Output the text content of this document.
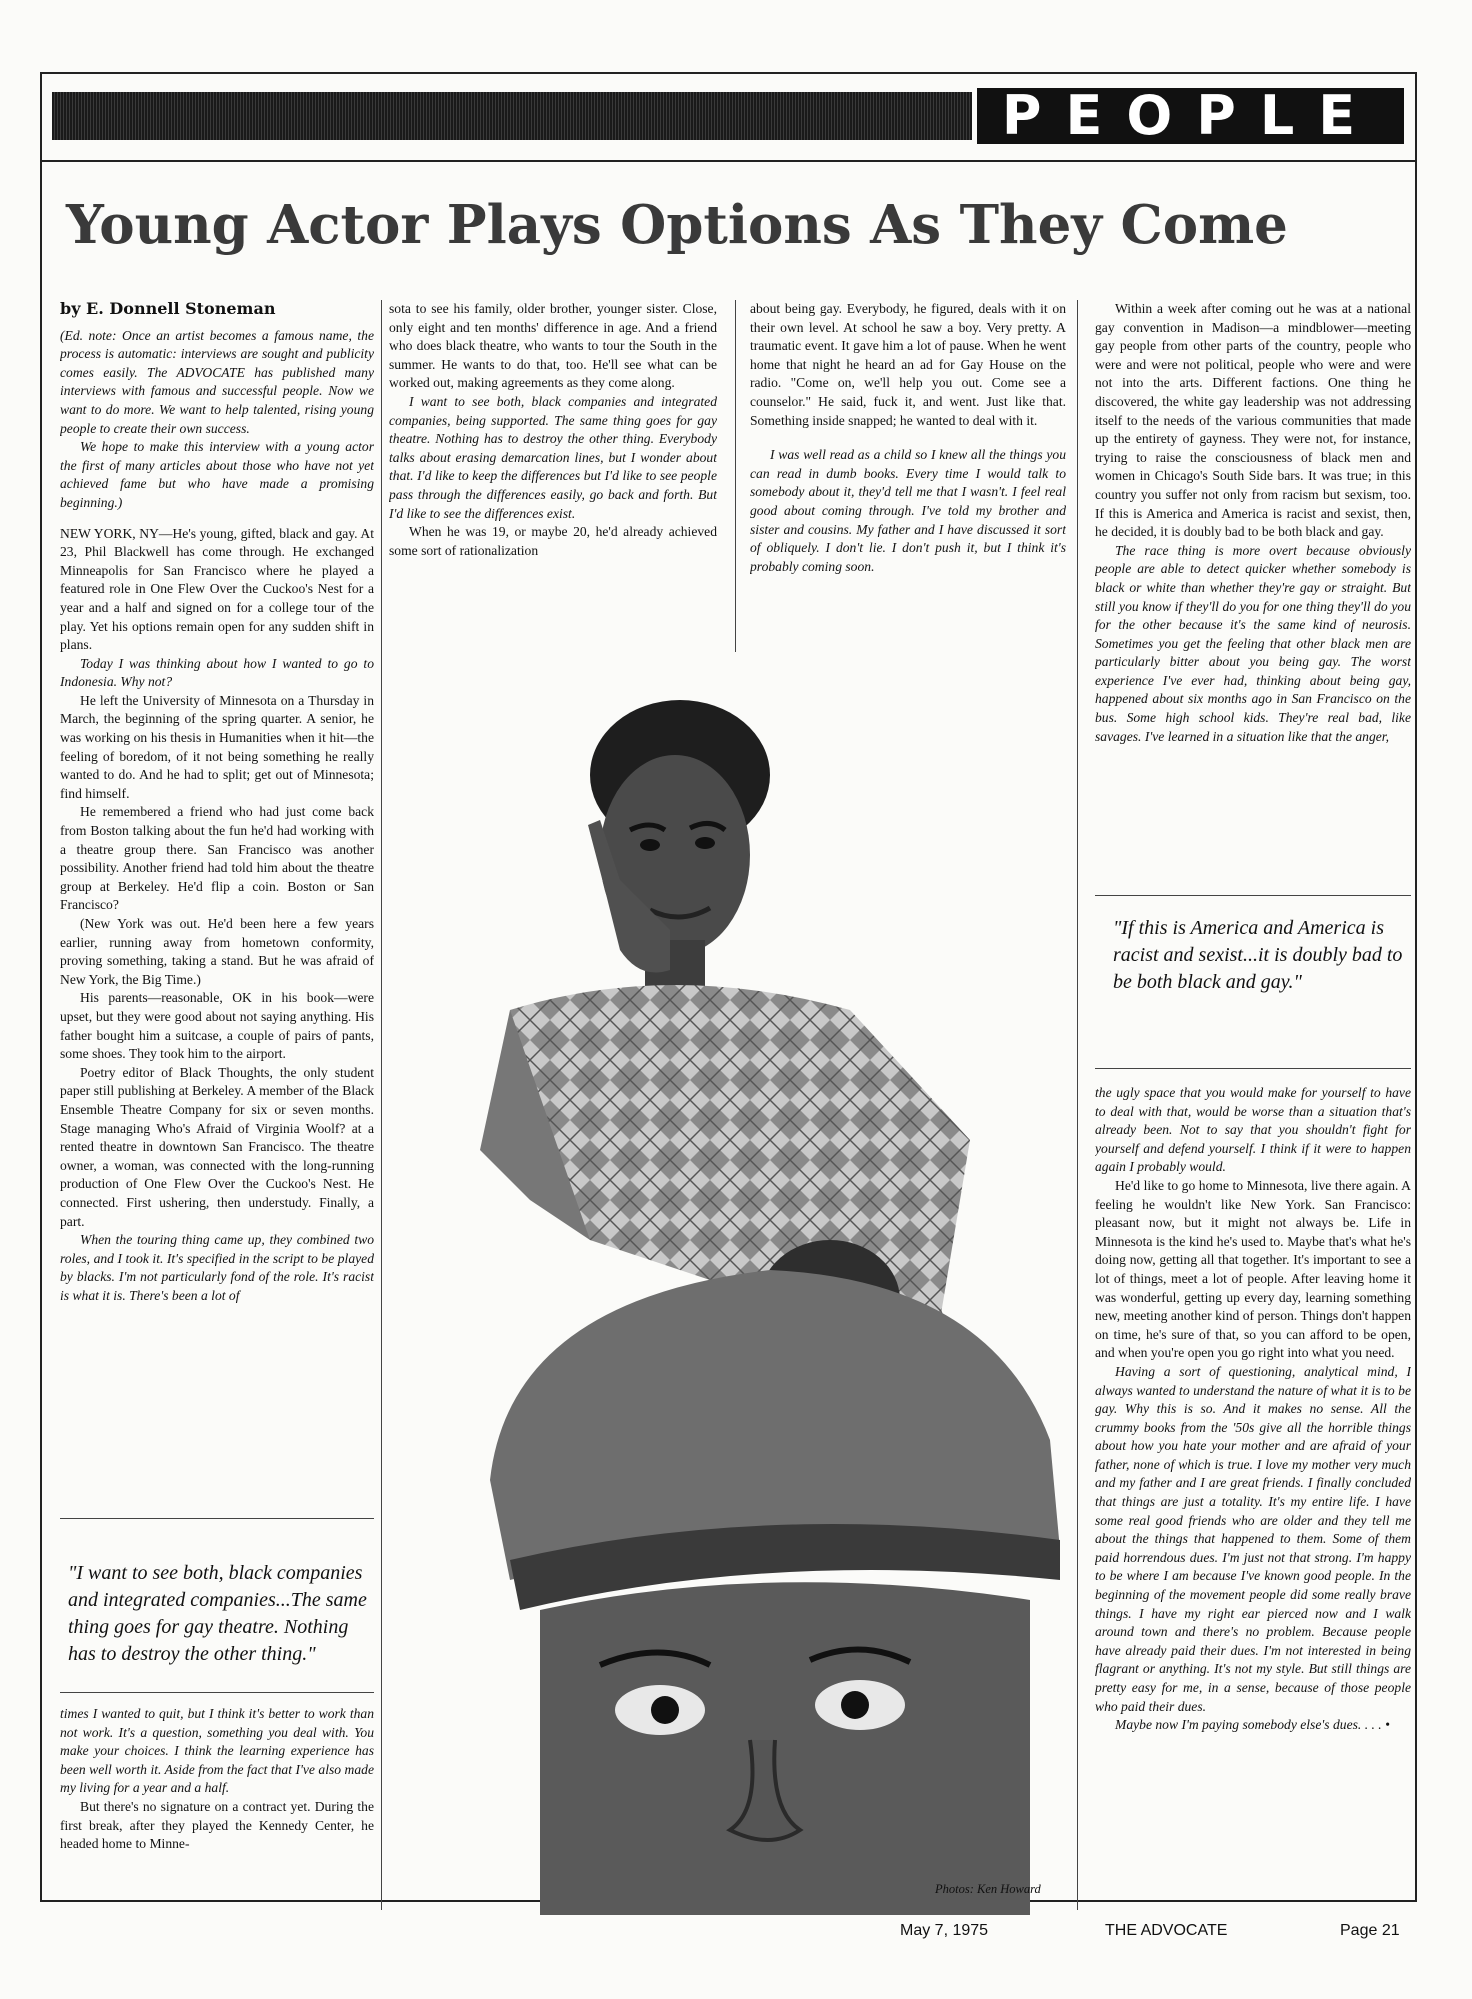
PEOPLE
Young Actor Plays Options As They Come
by E. Donnell Stoneman

(Ed. note: Once an artist becomes a famous name, the process is automatic: interviews are sought and publicity comes easily. The ADVOCATE has published many interviews with famous and successful people. Now we want to do more. We want to help talented, rising young people to create their own success.

We hope to make this interview with a young actor the first of many articles about those who have not yet achieved fame but who have made a promising beginning.)

NEW YORK, NY—He's young, gifted, black and gay. At 23, Phil Blackwell has come through. He exchanged Minneapolis for San Francisco where he played a featured role in One Flew Over the Cuckoo's Nest for a year and a half and signed on for a college tour of the play. Yet his options remain open for any sudden shift in plans.

Today I was thinking about how I wanted to go to Indonesia. Why not?

He left the University of Minnesota on a Thursday in March, the beginning of the spring quarter. A senior, he was working on his thesis in Humanities when it hit—the feeling of boredom, of it not being something he really wanted to do. And he had to split; get out of Minnesota; find himself.

He remembered a friend who had just come back from Boston talking about the fun he'd had working with a theatre group there. San Francisco was another possibility. Another friend had told him about the theatre group at Berkeley. He'd flip a coin. Boston or San Francisco?

(New York was out. He'd been here a few years earlier, running away from hometown conformity, proving something, taking a stand. But he was afraid of New York, the Big Time.)

His parents—reasonable, OK in his book—were upset, but they were good about not saying anything. His father bought him a suitcase, a couple of pairs of pants, some shoes. They took him to the airport.

Poetry editor of Black Thoughts, the only student paper still publishing at Berkeley. A member of the Black Ensemble Theatre Company for six or seven months. Stage managing Who's Afraid of Virginia Woolf? at a rented theatre in downtown San Francisco. The theatre owner, a woman, was connected with the long-running production of One Flew Over the Cuckoo's Nest. He connected. First ushering, then understudy. Finally, a part.

When the touring thing came up, they combined two roles, and I took it. It's specified in the script to be played by blacks. I'm not particularly fond of the role. It's racist is what it is. There's been a lot of

"I want to see both, black companies and integrated companies...The same thing goes for gay theatre. Nothing has to destroy the other thing."

times I wanted to quit, but I think it's better to work than not work. It's a question, something you deal with. You make your choices. I think the learning experience has been well worth it. Aside from the fact that I've also made my living for a year and a half.

But there's no signature on a contract yet. During the first break, after they played the Kennedy Center, he headed home to Minne-

sota to see his family, older brother, younger sister. Close, only eight and ten months' difference in age. And a friend who does black theatre, who wants to tour the South in the summer. He wants to do that, too. He'll see what can be worked out, making agreements as they come along.

I want to see both, black companies and integrated companies, being supported. The same thing goes for gay theatre. Nothing has to destroy the other thing. Everybody talks about erasing demarcation lines, but I wonder about that. I'd like to keep the differences but I'd like to see people pass through the differences easily, go back and forth. But I'd like to see the differences exist.

When he was 19, or maybe 20, he'd already achieved some sort of rationalization

about being gay. Everybody, he figured, deals with it on their own level. At school he saw a boy. Very pretty. A traumatic event. It gave him a lot of pause. When he went home that night he heard an ad for Gay House on the radio. "Come on, we'll help you out. Come see a counselor." He said, fuck it, and went. Just like that. Something inside snapped; he wanted to deal with it.

I was well read as a child so I knew all the things you can read in dumb books. Every time I would talk to somebody about it, they'd tell me that I wasn't. I feel real good about coming through. I've told my brother and sister and cousins. My father and I have discussed it sort of obliquely. I don't lie. I don't push it, but I think it's probably coming soon.

Within a week after coming out he was at a national gay convention in Madison—a mindblower—meeting gay people from other parts of the country, people who were and were not political, people who were and were not into the arts. Different factions. One thing he discovered, the white gay leadership was not addressing itself to the needs of the various communities that made up the entirety of gayness. They were not, for instance, trying to raise the consciousness of black men and women in Chicago's South Side bars. It was true; in this country you suffer not only from racism but sexism, too. If this is America and America is racist and sexist, then, he decided, it is doubly bad to be both black and gay.

The race thing is more overt because obviously people are able to detect quicker whether somebody is black or white than whether they're gay or straight. But still you know if they'll do you for one thing they'll do you for the other because it's the same kind of neurosis. Sometimes you get the feeling that other black men are particularly bitter about you being gay. The worst experience I've ever had, thinking about being gay, happened about six months ago in San Francisco on the bus. Some high school kids. They're real bad, like savages. I've learned in a situation like that the anger,

"If this is America and America is racist and sexist...it is doubly bad to be both black and gay."

the ugly space that you would make for yourself to have to deal with that, would be worse than a situation that's already been. Not to say that you shouldn't fight for yourself and defend yourself. I think if it were to happen again I probably would.

He'd like to go home to Minnesota, live there again. A feeling he wouldn't like New York. San Francisco: pleasant now, but it might not always be. Life in Minnesota is the kind he's used to. Maybe that's what he's doing now, getting all that together. It's important to see a lot of things, meet a lot of people. After leaving home it was wonderful, getting up every day, learning something new, meeting another kind of person. Things don't happen on time, he's sure of that, so you can afford to be open, and when you're open you go right into what you need.

Having a sort of questioning, analytical mind, I always wanted to understand the nature of what it is to be gay. Why this is so. And it makes no sense. All the crummy books from the '50s give all the horrible things about how you hate your mother and are afraid of your father, none of which is true. I love my mother very much and my father and I are great friends. I finally concluded that things are just a totality. It's my entire life. I have some real good friends who are older and they tell me about the things that happened to them. Some of them paid horrendous dues. I'm just not that strong. I'm happy to be where I am because I've known good people. In the beginning of the movement people did some really brave things. I have my right ear pierced now and I walk around town and there's no problem. Because people have already paid their dues. I'm not interested in being flagrant or anything. It's not my style. But still things are pretty easy for me, in a sense, because of those people who paid their dues.

Maybe now I'm paying somebody else's dues. . . . •

Photos: Ken Howard
May 7, 1975	THE ADVOCATE	Page 21
